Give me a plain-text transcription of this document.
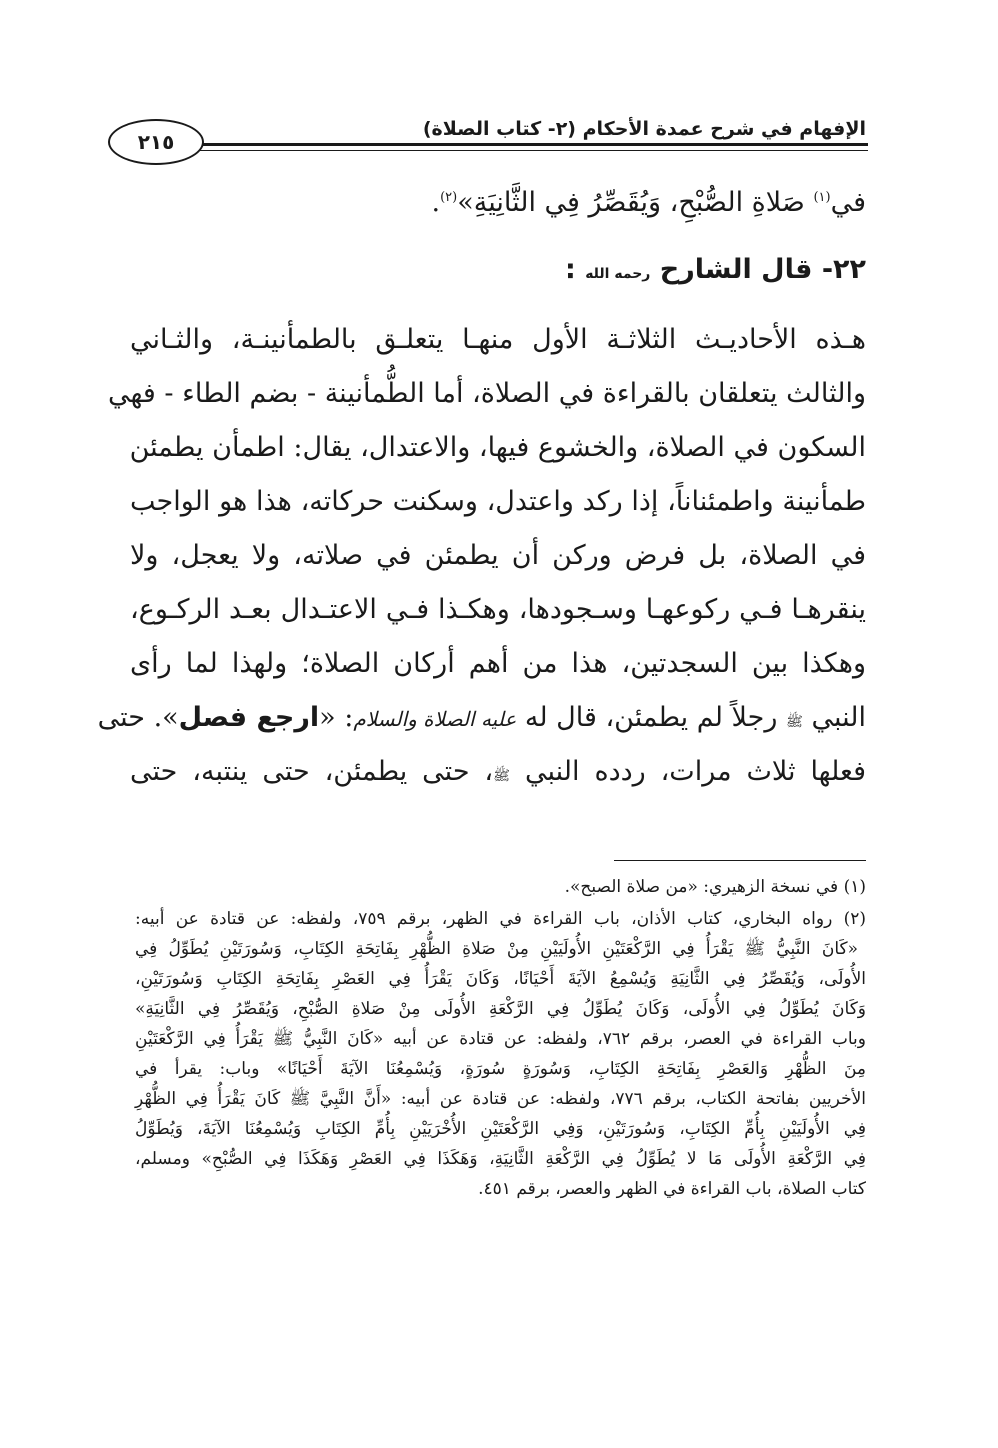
الإفهام في شرح عمدة الأحكام (٢- كتاب الصلاة)
٢١٥
في$^{(١)}$ صَلاةِ الصُّبْحِ، وَيُقَصِّرُ فِي الثَّانِيَةِ»$^{(٢)}$.
٢٢- قال الشارح رحمه الله :
هـذه الأحاديـث الثلاثـة الأول منهـا يتعلـق بالطمأنينـة، والثـاني
والثالث يتعلقان بالقراءة في الصلاة، أما الطُّمأنينة - بضم الطاء - فهي
السكون في الصلاة، والخشوع فيها، والاعتدال، يقال: اطمأن يطمئن
طمأنينة واطمئناناً، إذا ركد واعتدل، وسكنت حركاته، هذا هو الواجب
في الصلاة، بل فرض وركن أن يطمئن في صلاته، ولا يعجل، ولا
ينقرهـا فـي ركوعهـا وسـجودها، وهكـذا فـي الاعتـدال بعـد الركـوع،
وهكذا بين السجدتين، هذا من أهم أركان الصلاة؛ ولهذا لما رأى
النبي ﷺ رجلاً لم يطمئن، قال له عليه الصلاة والسلام: «ارجع فصل». حتى
فعلها ثلاث مرات، ردده النبي ﷺ، حتى يطمئن، حتى ينتبه، حتى
(١) في نسخة الزهيري: «من صلاة الصبح».
(٢) رواه البخاري، كتاب الأذان، باب القراءة في الظهر، برقم ٧٥٩، ولفظه: عن قتادة عن أبيه:
«كَانَ النَّبِيُّ ﷺ يَقْرَأُ فِي الرَّكْعَتَيْنِ الأُولَيَيْنِ مِنْ صَلاةِ الظُّهْرِ بِفَاتِحَةِ الكِتَابِ، وَسُورَتَيْنِ يُطَوِّلُ فِي
الأُولَى، وَيُقَصِّرُ فِي الثَّانِيَةِ وَيُسْمِعُ الآيَةَ أَحْيَانًا، وَكَانَ يَقْرَأُ فِي العَصْرِ بِفَاتِحَةِ الكِتَابِ وَسُورَتَيْنِ،
وَكَانَ يُطَوِّلُ فِي الأُولَى، وَكَانَ يُطَوِّلُ فِي الرَّكْعَةِ الأُولَى مِنْ صَلاةِ الصُّبْحِ، وَيُقَصِّرُ فِي الثَّانِيَةِ»
وباب القراءة في العصر، برقم ٧٦٢، ولفظه: عن قتادة عن أبيه «كَانَ النَّبِيُّ ﷺ يَقْرَأُ فِي الرَّكْعَتَيْنِ
مِنَ الظُّهْرِ وَالعَصْرِ بِفَاتِحَةِ الكِتَابِ، وَسُورَةٍ سُورَةٍ، وَيُسْمِعُنَا الآيَةَ أَحْيَانًا» وباب: يقرأ في
الأخريين بفاتحة الكتاب، برقم ٧٧٦، ولفظه: عن قتادة عن أبيه: «أَنَّ النَّبِيَّ ﷺ كَانَ يَقْرَأُ فِي الظُّهْرِ
فِي الأُولَيَيْنِ بِأُمِّ الكِتَابِ، وَسُورَتَيْنِ، وَفِي الرَّكْعَتَيْنِ الأُخْرَيَيْنِ بِأُمِّ الكِتَابِ وَيُسْمِعُنَا الآيَةَ، وَيُطَوِّلُ
فِي الرَّكْعَةِ الأُولَى مَا لا يُطَوِّلُ فِي الرَّكْعَةِ الثَّانِيَةِ، وَهَكَذَا فِي العَصْرِ وَهَكَذَا فِي الصُّبْحِ» ومسلم،
كتاب الصلاة، باب القراءة في الظهر والعصر، برقم ٤٥١.
